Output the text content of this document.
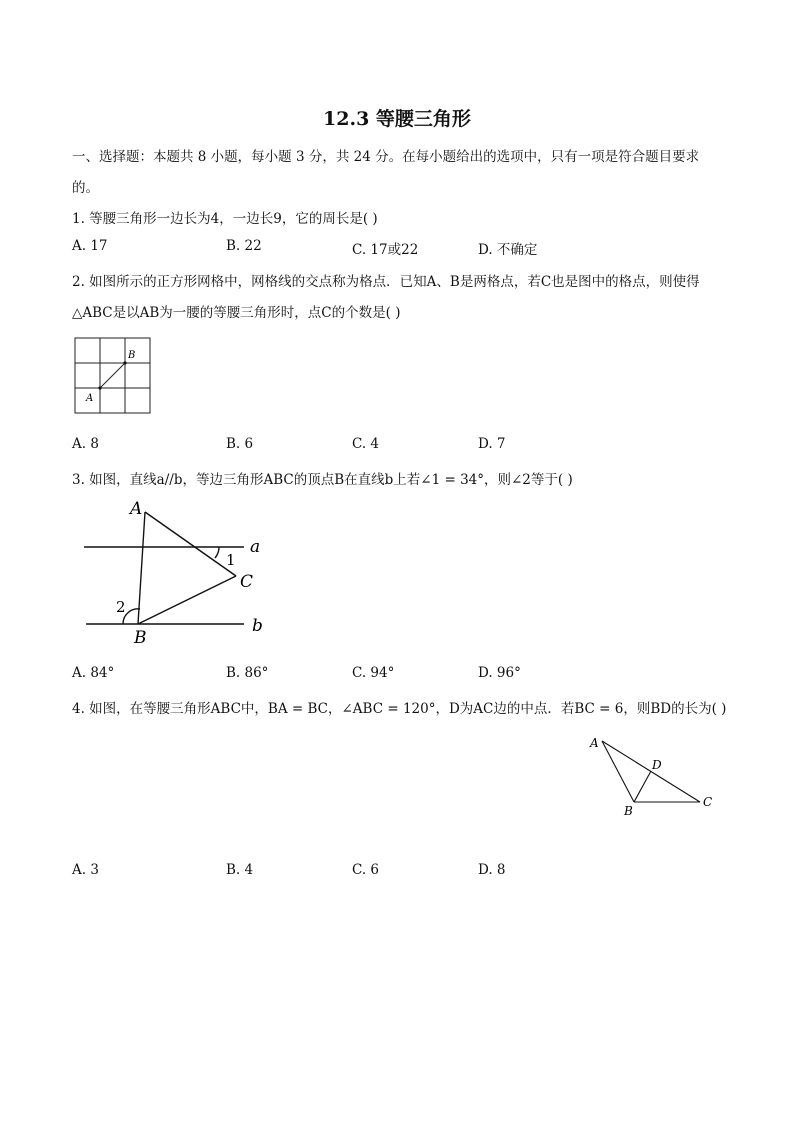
12.3 等腰三角形
一、选择题：本题共 8 小题，每小题 3 分，共 24 分。在每小题给出的选项中，只有一项是符合题目要求
的。
1. 等腰三角形一边长为4，一边长9，它的周长是( )
A. 17	B. 22	C. 17或22	D. 不确定
2. 如图所示的正方形网格中，网格线的交点称为格点．已知A、B是两格点，若C也是图中的格点，则使得
△ABC是以AB为一腰的等腰三角形时，点C的个数是( )
B
A
A. 8	B. 6	C. 4	D. 7
3. 如图，直线a//b，等边三角形ABC的顶点B在直线b上若∠1 = 34°，则∠2等于( )
A
a
1
C
2
B
b
A. 84°	B. 86°	C. 94°	D. 96°
4. 如图，在等腰三角形ABC中，BA = BC，∠ABC = 120°，D为AC边的中点．若BC = 6，则BD的长为( )
A
D
B
C
A. 3	B. 4	C. 6	D. 8
